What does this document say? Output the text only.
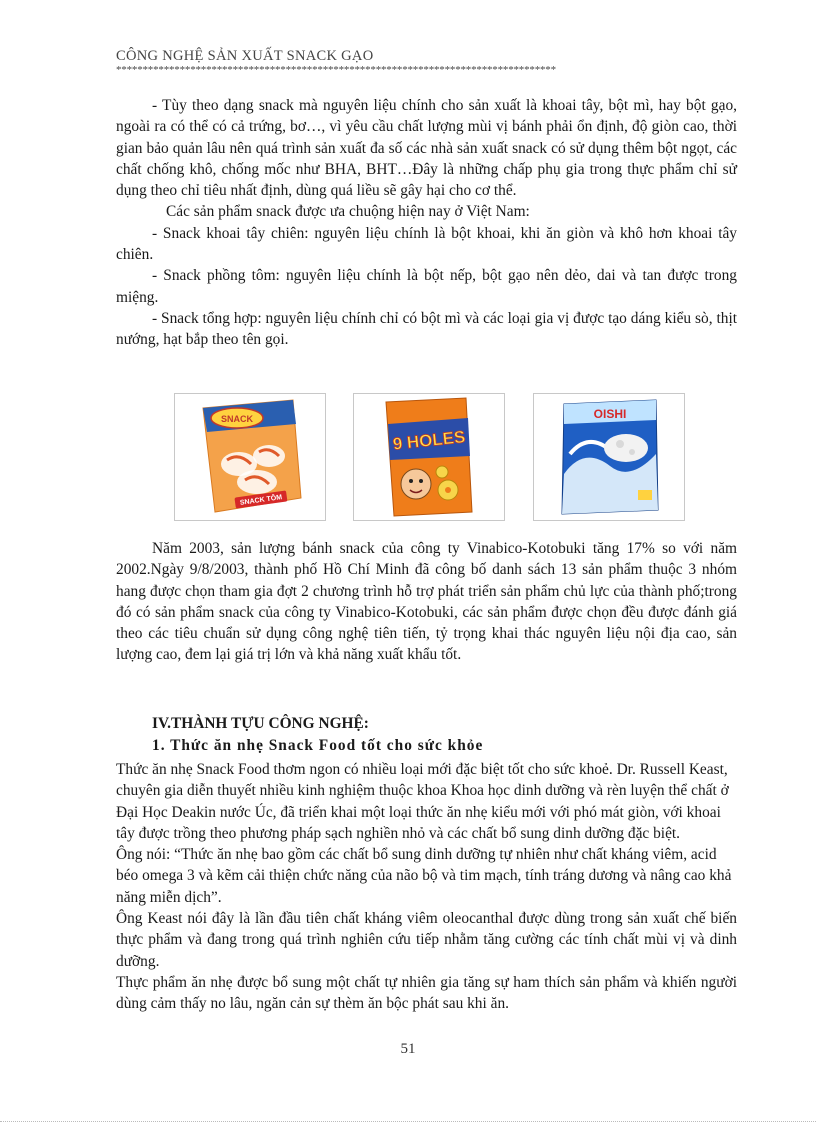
CÔNG NGHỆ SẢN XUẤT SNACK GẠO
***********************************************************************************

- Tùy theo dạng snack mà nguyên liệu chính cho sản xuất là khoai tây, bột mì, hay bột gạo, ngoài ra có thể có cả trứng, bơ…, vì yêu cầu chất lượng mùi vị bánh phải ổn định, độ giòn cao, thời gian bảo quản lâu nên quá trình sản xuất đa số các nhà sản xuất snack có sử dụng thêm bột ngọt, các chất chống khô, chống mốc như BHA, BHT…Đây là những chấp phụ gia trong thực phẩm chỉ sử dụng theo chỉ tiêu nhất định, dùng quá liều sẽ gây hại cho cơ thể.

Các sản phẩm snack được ưa chuộng hiện nay ở Việt Nam:

- Snack khoai tây chiên: nguyên liệu chính là bột khoai, khi ăn giòn và khô hơn khoai tây chiên.

- Snack phồng tôm: nguyên liệu chính là bột nếp, bột gạo nên dẻo, dai và tan được trong miệng.

- Snack tổng hợp: nguyên liệu chính chỉ có bột mì và các loại gia vị được tạo dáng kiểu sò, thịt nướng, hạt bắp theo tên gọi.

SNACK
SNACK TÔM
9 HOLES
OISHI

Năm 2003, sản lượng bánh snack của công ty Vinabico-Kotobuki tăng 17% so với năm 2002.Ngày 9/8/2003, thành phố Hồ Chí Minh đã công bố danh sách 13 sản phẩm thuộc 3 nhóm hang được chọn tham gia đợt 2 chương trình hỗ trợ phát triển sản phẩm chủ lực của thành phố;trong đó có sản phẩm snack của công ty Vinabico-Kotobuki, các sản phẩm được chọn đều được đánh giá theo các tiêu chuẩn sử dụng công nghệ tiên tiến, tỷ trọng khai thác nguyên liệu nội địa cao, sản lượng cao, đem lại giá trị lớn và khả năng xuất khẩu tốt.

IV.THÀNH TỰU CÔNG NGHỆ:
1. Thức ăn nhẹ Snack Food tốt cho sức khỏe

Thức ăn nhẹ Snack Food thơm ngon có nhiều loại mới đặc biệt tốt cho sức khoẻ. Dr. Russell Keast, chuyên gia diễn thuyết nhiều kinh nghiệm thuộc khoa Khoa học dinh dưỡng và rèn luyện thể chất ở Đại Học Deakin nước Úc, đã triển khai một loại thức ăn nhẹ kiểu mới với phó mát giòn, với khoai tây được trồng theo phương pháp sạch nghiền nhỏ và các chất bổ sung dinh dưỡng đặc biệt.

Ông nói: “Thức ăn nhẹ bao gồm các chất bổ sung dinh dưỡng tự nhiên như chất kháng viêm, acid béo omega 3 và kẽm cải thiện chức năng của não bộ và tim mạch, tính tráng dương và nâng cao khả năng miễn dịch”.

Ông Keast nói đây là lần đầu tiên chất kháng viêm oleocanthal được dùng trong sản xuất chế biến thực phẩm và đang trong quá trình nghiên cứu tiếp nhằm tăng cường các tính chất mùi vị và dinh dưỡng.

Thực phẩm ăn nhẹ được bổ sung một chất tự nhiên gia tăng sự ham thích sản phẩm và khiến người dùng cảm thấy no lâu, ngăn cản sự thèm ăn bộc phát sau khi ăn.

51
